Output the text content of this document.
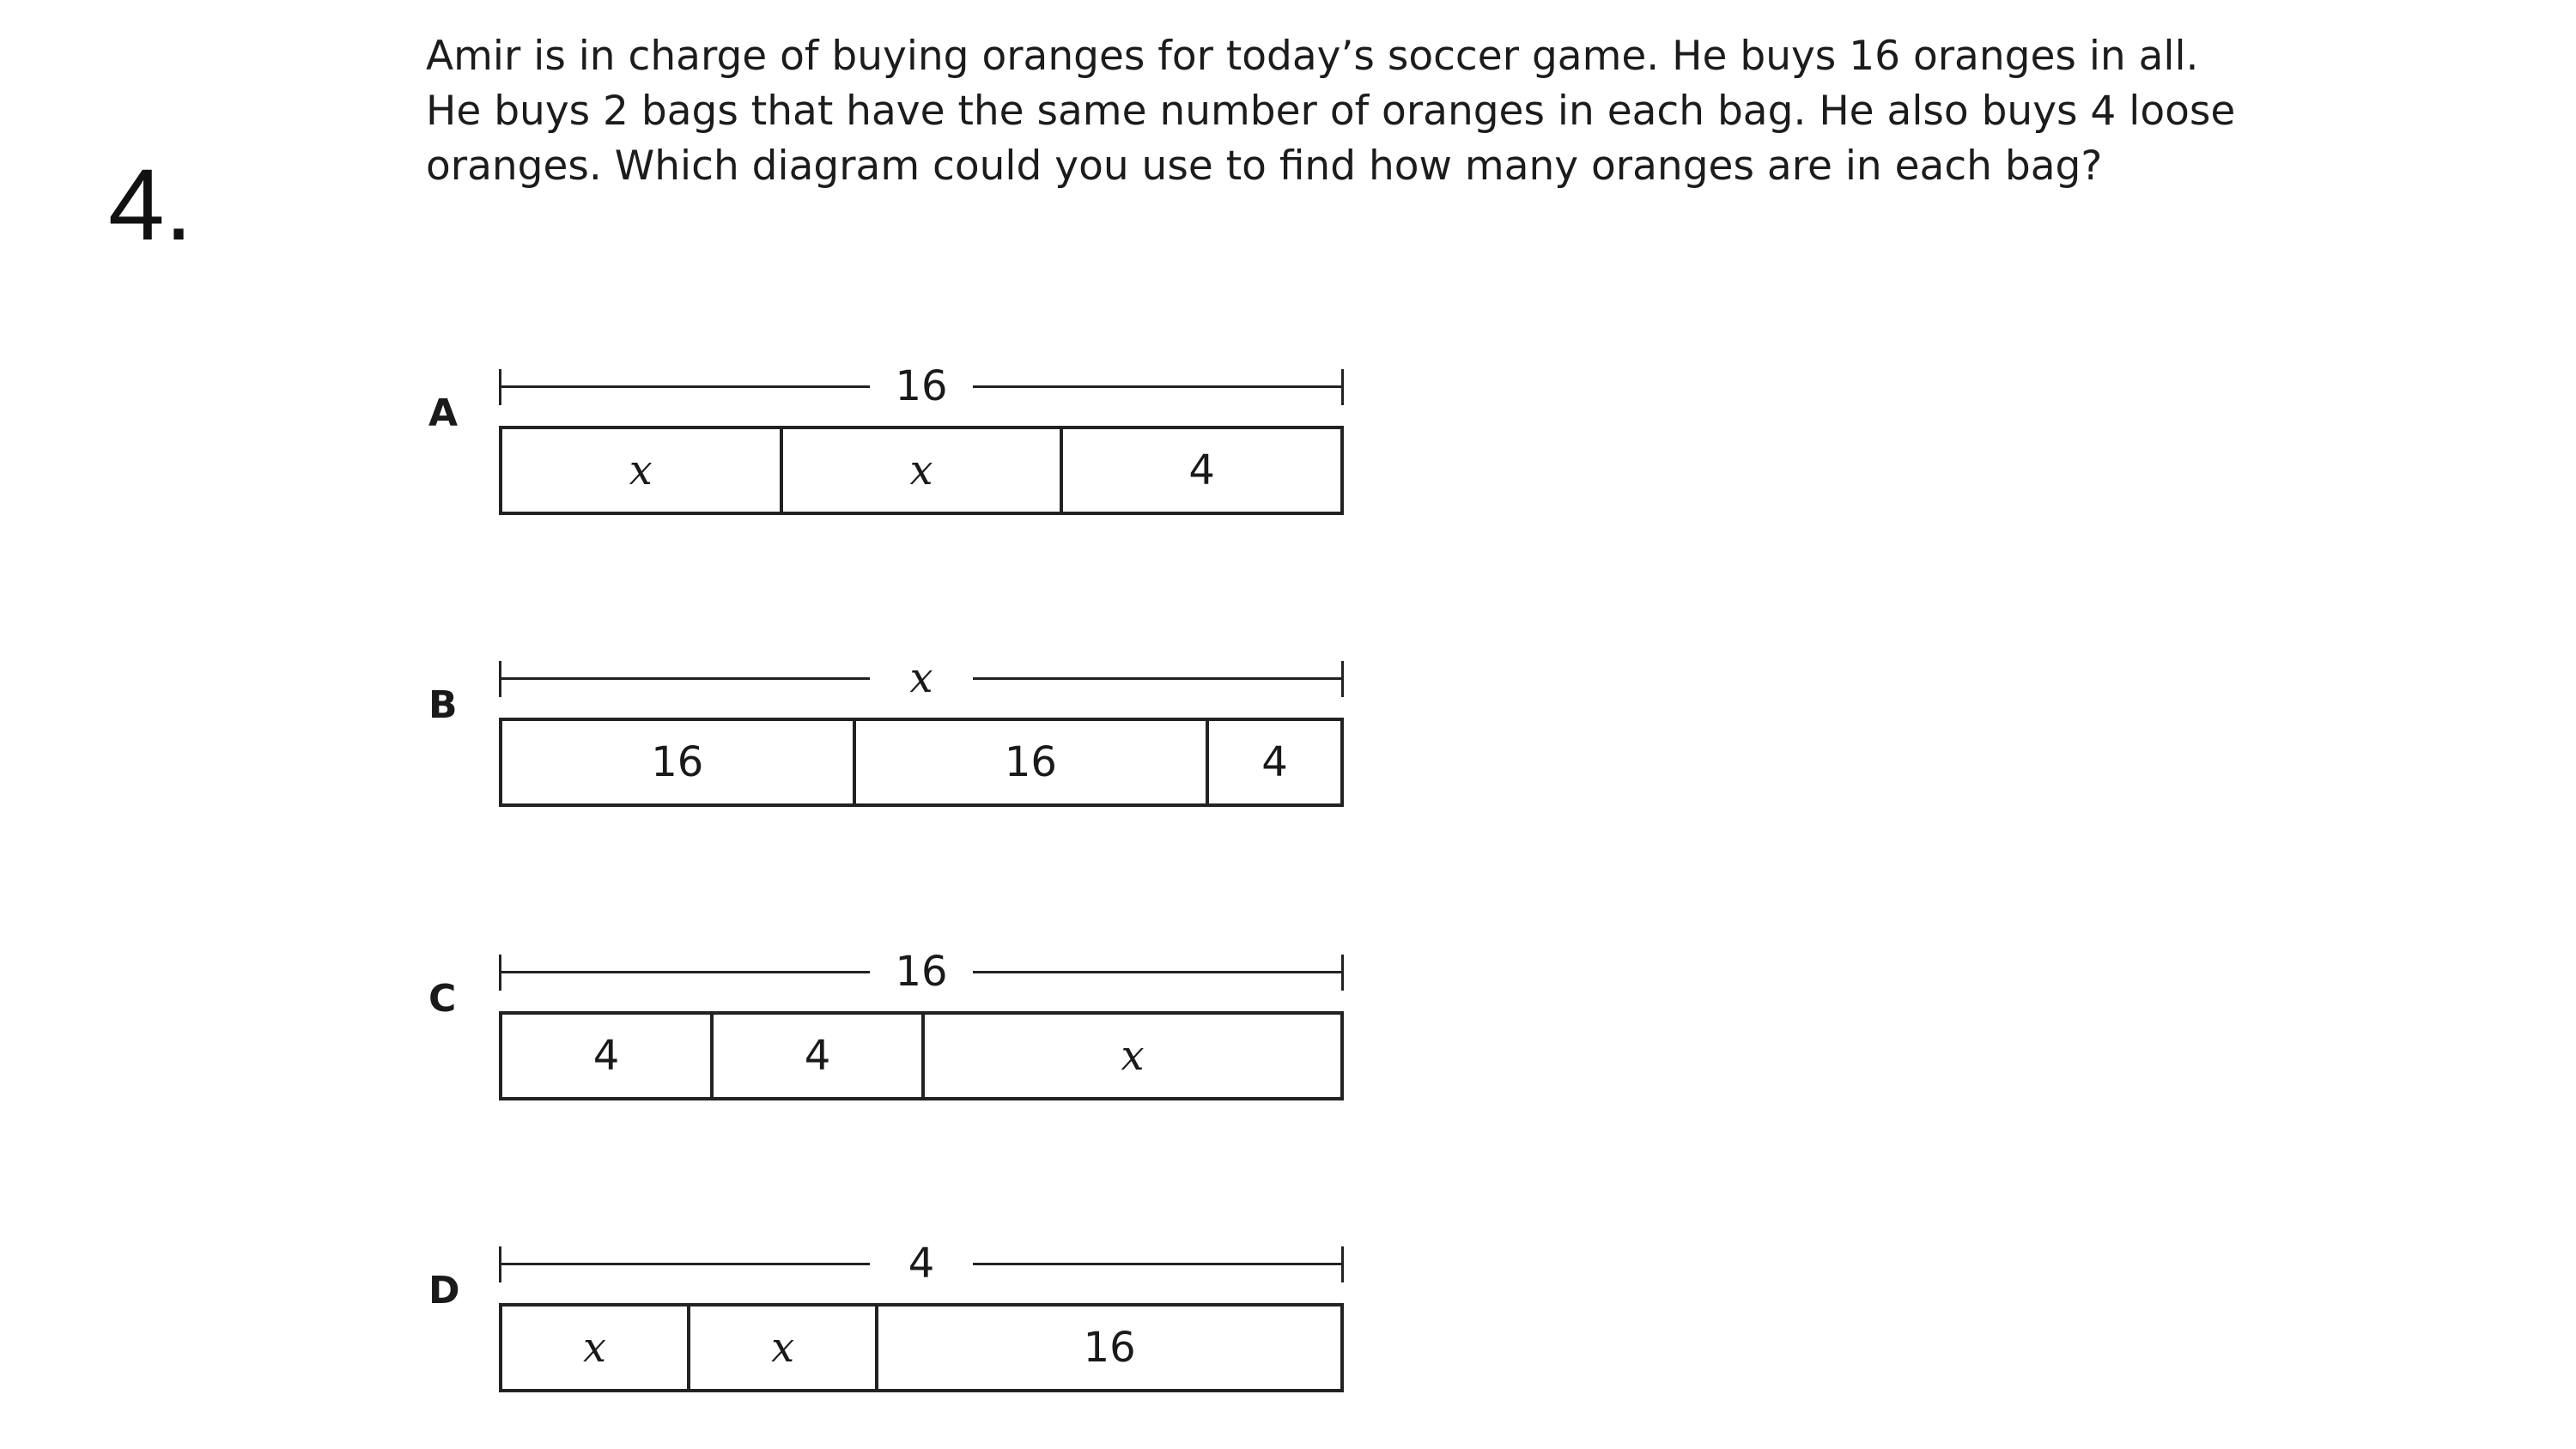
4.

Amir is in charge of buying oranges for today’s soccer game. He buys 16 oranges in all. He buys 2 bags that have the same number of oranges in each bag. He also buys 4 loose oranges. Which diagram could you use to find how many oranges are in each bag?

A
16
x	x	4
B
x
16	16	4
C
16
4	4	x
D
4
x	x	16
